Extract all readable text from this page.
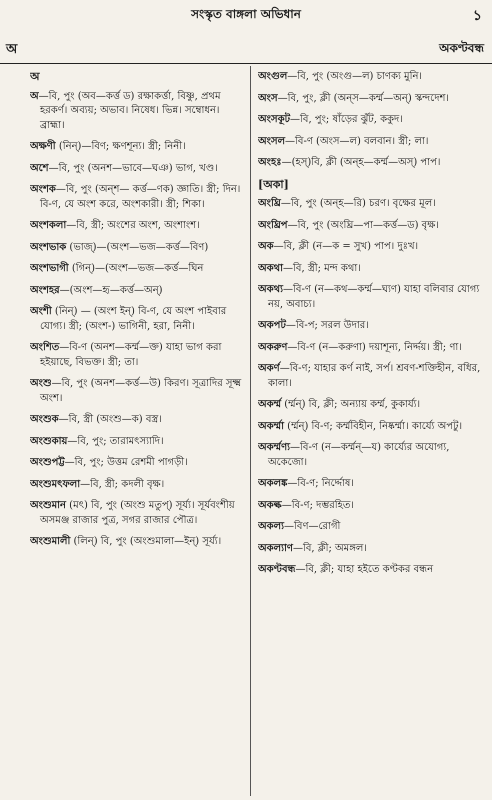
সংস্কৃত বাঙ্গলা অভিধান	১
অ	অকণ্টবন্ধ
অ
অ—বি, পুং (অব—কর্ত্ত ড) রক্ষাকর্ত্তা, বিষ্ণু, প্রথম হরকর্ণ। অব্যয়; অভাব। নিষেধ। ভিন্ন। সম্বোধন। ব্রাহ্মা।
অক্ষণী (নিন্)—বিণ; ক্ষণশূন্য। স্ত্রী; নিনী।
অশে—বি, পুং (অনশ—ভাবে—ঘঞ) ভাগ, খণ্ড।
অংশক—বি, পুং (অন্‌শ— কর্ত্ত—ণক) জ্ঞাতি। স্ত্রী; দিন। বি-ণ, যে অংশ করে, অংশকারী। স্ত্রী; শিকা।
অংশকলা—বি, স্ত্রী; অংশের অংশ, অংশাংশ।
অংশভাক (ভাজ্)—(অংশ—ভজ—কর্ত্ত—বিণ)
অংশভাগী (গিন্)—(অংশ—ভজ—কর্ত্ত—ঘিন
অংশহর—(অংশ—হৃ—কর্ত্ত—অন্)
অংশী (নিন্) — (অংশ ইন্) বি-ণ, যে অংশ পাইবার যোগ্য। স্ত্রী; (অংশ-) ভাগিনী, হরা, নিনী।
অংশিত—বি-ণ (অনশ—কর্ম্ম—ক্ত) যাহা ভাগ করা হইয়াছে, বিভক্ত। স্ত্রী; তা।
অংশু—বি, পুং (অনশ—কর্ত্ত—উ) কিরণ। সূত্রাদির সূক্ষ্ম অংশ।
অংশুক—বি, স্ত্রী (অংশু—ক) বস্ত্র।
অংশুকায়—বি, পুং; তারামৎস্যাদি।
অংশুপট্ট—বি, পুং; উত্তম রেশমী পাগড়ী।
অংশুমৎফলা—বি, স্ত্রী; কদলী বৃক্ষ।
অংশুমান (মৎ) বি, পুং (অংশু মতুপ্) সূর্য্য। সূর্যবংশীয় অসমঞ্জ রাজার পুত্র, সগর রাজার পৌত্র।
অংশুমালী (লিন্) বি, পুং (অংশুমালা—ইন্) সূর্য্য।
অংগুল—বি, পুং (অংগু—ল) চাণক্য মুনি।
অংস—বি, পুং, ক্লী (অন্‌স—কর্ম্ম—অন্) স্কন্দদেশ।
অংসকূট—বি, পুং; ষাঁড়ের ঝুঁট, ককুদ।
অংসল—বি-ণ (অংস—ল) বলবান। স্ত্রী; লা।
অংহঃ—(হস্)বি, ক্লী (অন্‌হ—কর্ম্ম—অস্) পাপ।
[অকা]
অংঘ্রি—বি, পুং (অন্‌হ—রি) চরণ। বৃক্ষের মূল।
অংঘ্রিপ—বি, পুং (অংঘ্রি—পা—কর্ত্ত—ড) বৃক্ষ।
অক—বি, ক্লী (ন—ক = সুখ) পাপ। দুঃখ।
অকথা—বি, স্ত্রী; মন্দ কথা।
অকথ্য—বি-ণ (ন—কথ—কর্ম্ম—ঘ্যণ) যাহা বলিবার যোগ্য নয়, অবাচ্য।
অকপট—বি-প; সরল উদার।
অকরুণ—বি-ণ (ন—করুণা) দয়াশূন্য, নির্দ্দয়। স্ত্রী; ণা।
অকর্ণ—বি-ণ; যাহার কর্ণ নাই, সর্প। শ্রবণ-শক্তিহীন, বধির, কালা।
অকর্ম্ম (র্ম্মন্) বি, ক্লী; অন্যায় কর্ম্ম, কুকার্য্য।
অকর্ম্মা (র্ম্মন্) বি-ণ; কর্ম্মবিহীন, নিষ্কর্ম্মা। কার্য্যে অপটু।
অকর্ম্মণ্য—বি-ণ (ন—কর্ম্মন্—য) কার্য্যের অযোগ্য, অকেজো।
অকলঙ্ক—বি-ণ; নির্দ্দোষ।
অকল্ক—বি-ণ; দম্ভরহিত।
অকল্য—বিণ—রোগী
অকল্যাণ—বি, ক্লী; অমঙ্গল।
অকণ্টবন্ধ—বি, ক্লী; যাহা হইতে কণ্টকর বন্ধন
